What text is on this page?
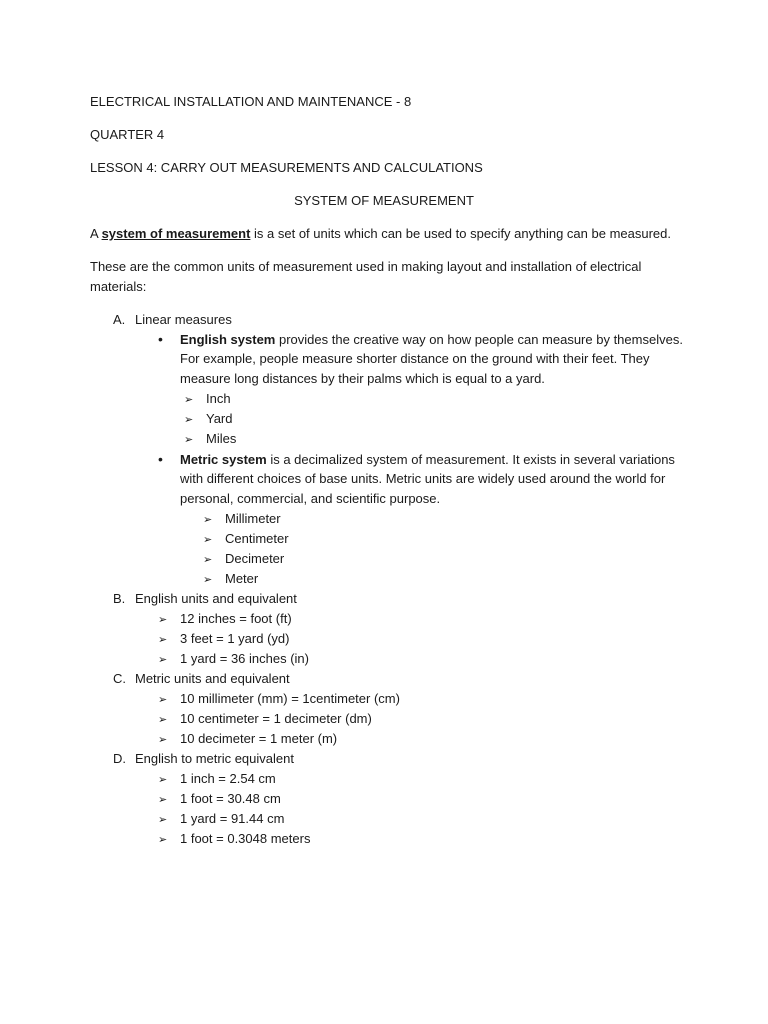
ELECTRICAL INSTALLATION AND MAINTENANCE - 8
QUARTER 4
LESSON 4: CARRY OUT MEASUREMENTS AND CALCULATIONS
SYSTEM OF MEASUREMENT
A system of measurement is a set of units which can be used to specify anything can be measured.
These are the common units of measurement used in making layout and installation of electrical
materials:
A. Linear measures
• English system provides the creative way on how people can measure by themselves.
For example, people measure shorter distance on the ground with their feet. They
measure long distances by their palms which is equal to a yard.
➢ Inch
➢ Yard
➢ Miles
• Metric system is a decimalized system of measurement. It exists in several variations
with different choices of base units. Metric units are widely used around the world for
personal, commercial, and scientific purpose.
➢ Millimeter
➢ Centimeter
➢ Decimeter
➢ Meter
B. English units and equivalent
➢ 12 inches = foot (ft)
➢ 3 feet = 1 yard (yd)
➢ 1 yard = 36 inches (in)
C. Metric units and equivalent
➢ 10 millimeter (mm) = 1centimeter (cm)
➢ 10 centimeter = 1 decimeter (dm)
➢ 10 decimeter = 1 meter (m)
D. English to metric equivalent
➢ 1 inch = 2.54 cm
➢ 1 foot = 30.48 cm
➢ 1 yard = 91.44 cm
➢ 1 foot = 0.3048 meters
